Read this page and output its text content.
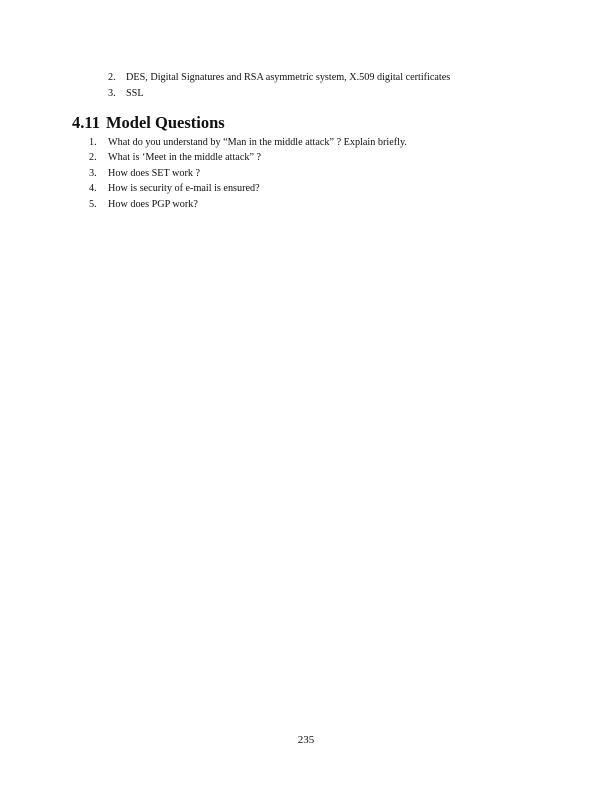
2.	DES, Digital Signatures and RSA asymmetric system, X.509 digital certificates
3.	SSL
4.11 Model Questions
1.	What do you understand by “Man in the middle attack” ? Explain briefly.
2.	What is ‘Meet in the middle attack” ?
3.	How does SET work ?
4.	How is security of e-mail is ensured?
5.	How does PGP work?
235
